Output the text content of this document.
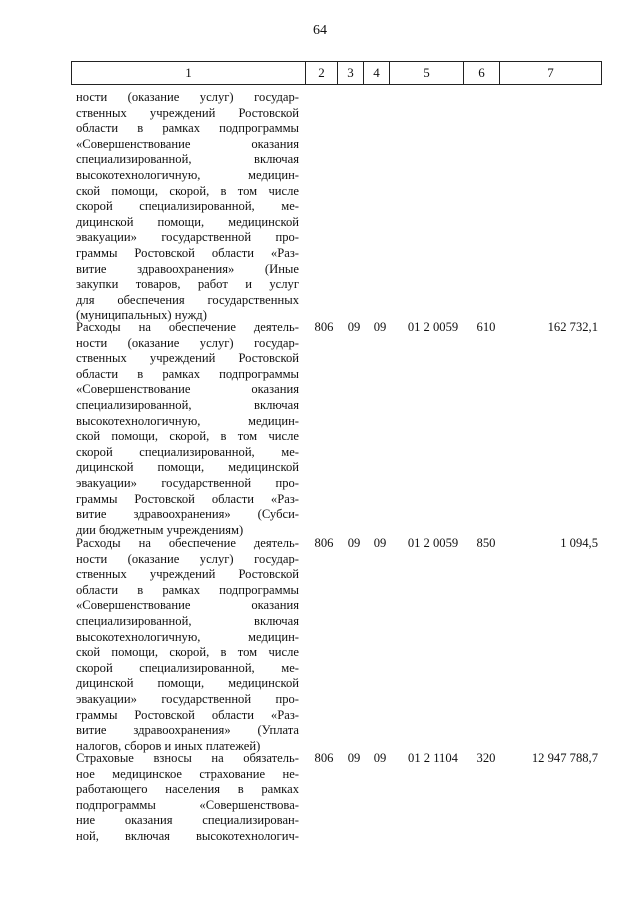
64
1	2	3	4	5	6	7
ности (оказание услуг) государ-
ственных учреждений Ростовской
области в рамках подпрограммы
«Совершенствование оказания
специализированной, включая
высокотехнологичную, медицин-
ской помощи, скорой, в том числе
скорой специализированной, ме-
дицинской помощи, медицинской
эвакуации» государственной про-
граммы Ростовской области «Раз-
витие здравоохранения» (Иные
закупки товаров, работ и услуг
для обеспечения государственных
(муниципальных) нужд)
Расходы на обеспечение деятель-
ности (оказание услуг) государ-
ственных учреждений Ростовской
области в рамках подпрограммы
«Совершенствование оказания
специализированной, включая
высокотехнологичную, медицин-
ской помощи, скорой, в том числе
скорой специализированной, ме-
дицинской помощи, медицинской
эвакуации» государственной про-
граммы Ростовской области «Раз-
витие здравоохранения» (Субси-
дии бюджетным учреждениям)
806	09	09	01 2 0059	610	162 732,1
Расходы на обеспечение деятель-
ности (оказание услуг) государ-
ственных учреждений Ростовской
области в рамках подпрограммы
«Совершенствование оказания
специализированной, включая
высокотехнологичную, медицин-
ской помощи, скорой, в том числе
скорой специализированной, ме-
дицинской помощи, медицинской
эвакуации» государственной про-
граммы Ростовской области «Раз-
витие здравоохранения» (Уплата
налогов, сборов и иных платежей)
806	09	09	01 2 0059	850	1 094,5
Страховые взносы на обязатель-
ное медицинское страхование не-
работающего населения в рамках
подпрограммы «Совершенствова-
ние оказания специализирован-
ной, включая высокотехнологич-
806	09	09	01 2 1104	320	12 947 788,7
